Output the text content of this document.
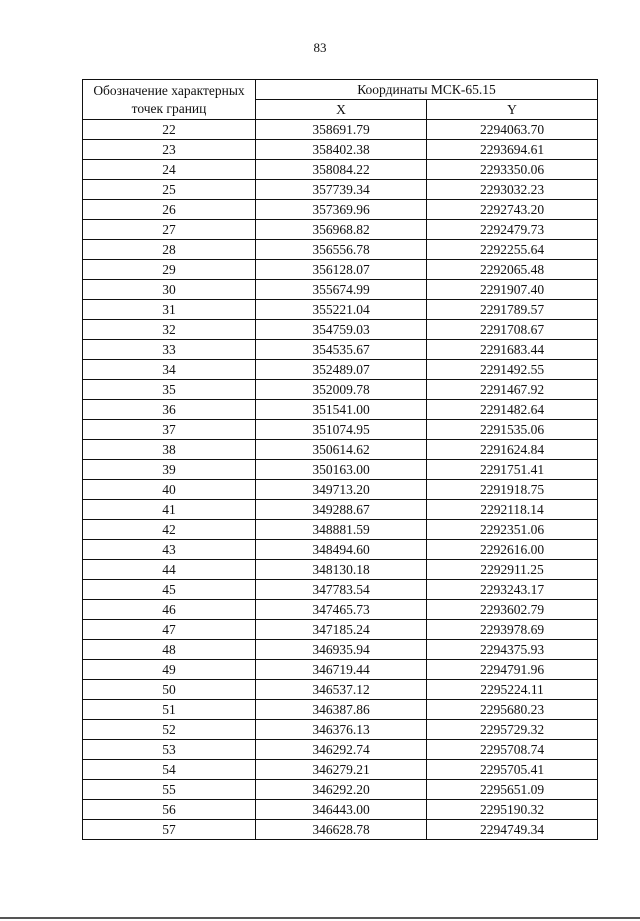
83
Обозначение характерных точек границ	Координаты МСК-65.15	
	X	Y
22	358691.79	2294063.70
23	358402.38	2293694.61
24	358084.22	2293350.06
25	357739.34	2293032.23
26	357369.96	2292743.20
27	356968.82	2292479.73
28	356556.78	2292255.64
29	356128.07	2292065.48
30	355674.99	2291907.40
31	355221.04	2291789.57
32	354759.03	2291708.67
33	354535.67	2291683.44
34	352489.07	2291492.55
35	352009.78	2291467.92
36	351541.00	2291482.64
37	351074.95	2291535.06
38	350614.62	2291624.84
39	350163.00	2291751.41
40	349713.20	2291918.75
41	349288.67	2292118.14
42	348881.59	2292351.06
43	348494.60	2292616.00
44	348130.18	2292911.25
45	347783.54	2293243.17
46	347465.73	2293602.79
47	347185.24	2293978.69
48	346935.94	2294375.93
49	346719.44	2294791.96
50	346537.12	2295224.11
51	346387.86	2295680.23
52	346376.13	2295729.32
53	346292.74	2295708.74
54	346279.21	2295705.41
55	346292.20	2295651.09
56	346443.00	2295190.32
57	346628.78	2294749.34
